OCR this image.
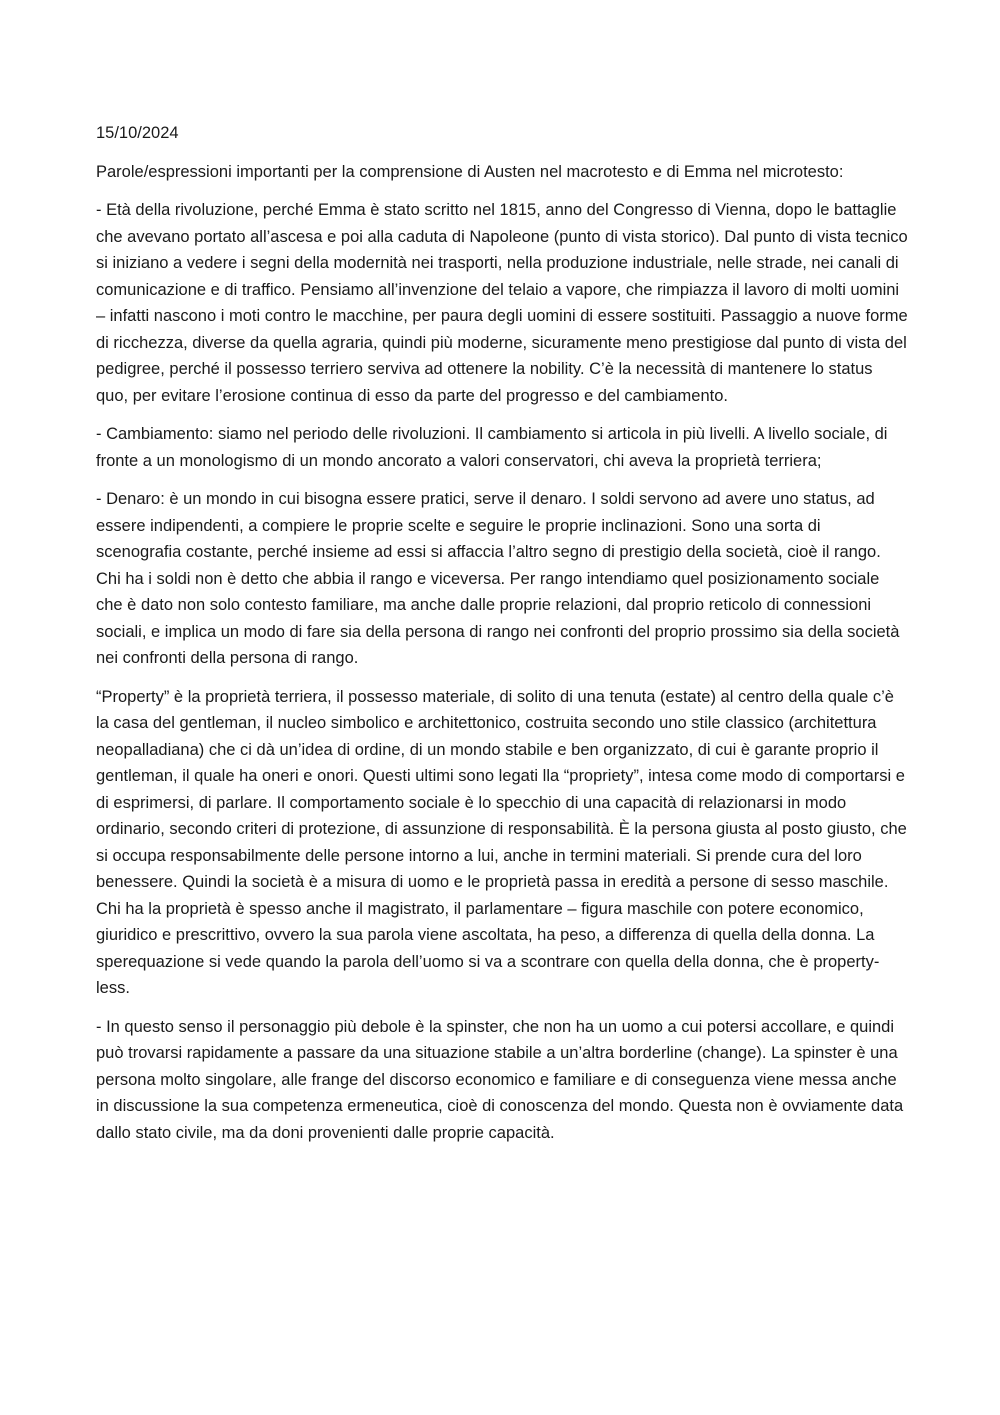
15/10/2024

Parole/espressioni importanti per la comprensione di Austen nel macrotesto e di Emma nel microtesto:

- Età della rivoluzione, perché Emma è stato scritto nel 1815, anno del Congresso di Vienna, dopo le battaglie che avevano portato all’ascesa e poi alla caduta di Napoleone (punto di vista storico). Dal punto di vista tecnico si iniziano a vedere i segni della modernità nei trasporti, nella produzione industriale, nelle strade, nei canali di comunicazione e di traffico. Pensiamo all’invenzione del telaio a vapore, che rimpiazza il lavoro di molti uomini – infatti nascono i moti contro le macchine, per paura degli uomini di essere sostituiti. Passaggio a nuove forme di ricchezza, diverse da quella agraria, quindi più moderne, sicuramente meno prestigiose dal punto di vista del pedigree, perché il possesso terriero serviva ad ottenere la nobility. C’è la necessità di mantenere lo status quo, per evitare l’erosione continua di esso da parte del progresso e del cambiamento.

- Cambiamento: siamo nel periodo delle rivoluzioni. Il cambiamento si articola in più livelli. A livello sociale, di fronte a un monologismo di un mondo ancorato a valori conservatori, chi aveva la proprietà terriera;

- Denaro: è un mondo in cui bisogna essere pratici, serve il denaro. I soldi servono ad avere uno status, ad essere indipendenti, a compiere le proprie scelte e seguire le proprie inclinazioni. Sono una sorta di scenografia costante, perché insieme ad essi si affaccia l’altro segno di prestigio della società, cioè il rango. Chi ha i soldi non è detto che abbia il rango e viceversa. Per rango intendiamo quel posizionamento sociale che è dato non solo contesto familiare, ma anche dalle proprie relazioni, dal proprio reticolo di connessioni sociali, e implica un modo di fare sia della persona di rango nei confronti del proprio prossimo sia della società nei confronti della persona di rango.

“Property” è la proprietà terriera, il possesso materiale, di solito di una tenuta (estate) al centro della quale c’è la casa del gentleman, il nucleo simbolico e architettonico, costruita secondo uno stile classico (architettura neopalladiana) che ci dà un’idea di ordine, di un mondo stabile e ben organizzato, di cui è garante proprio il gentleman, il quale ha oneri e onori. Questi ultimi sono legati lla “propriety”, intesa come modo di comportarsi e di esprimersi, di parlare. Il comportamento sociale è lo specchio di una capacità di relazionarsi in modo ordinario, secondo criteri di protezione, di assunzione di responsabilità. È la persona giusta al posto giusto, che si occupa responsabilmente delle persone intorno a lui, anche in termini materiali. Si prende cura del loro benessere. Quindi la società è a misura di uomo e le proprietà passa in eredità a persone di sesso maschile. Chi ha la proprietà è spesso anche il magistrato, il parlamentare – figura maschile con potere economico, giuridico e prescrittivo, ovvero la sua parola viene ascoltata, ha peso, a differenza di quella della donna. La sperequazione si vede quando la parola dell’uomo si va a scontrare con quella della donna, che è property-less.

- In questo senso il personaggio più debole è la spinster, che non ha un uomo a cui potersi accollare, e quindi può trovarsi rapidamente a passare da una situazione stabile a un’altra borderline (change). La spinster è una persona molto singolare, alle frange del discorso economico e familiare e di conseguenza viene messa anche in discussione la sua competenza ermeneutica, cioè di conoscenza del mondo. Questa non è ovviamente data dallo stato civile, ma da doni provenienti dalle proprie capacità.
